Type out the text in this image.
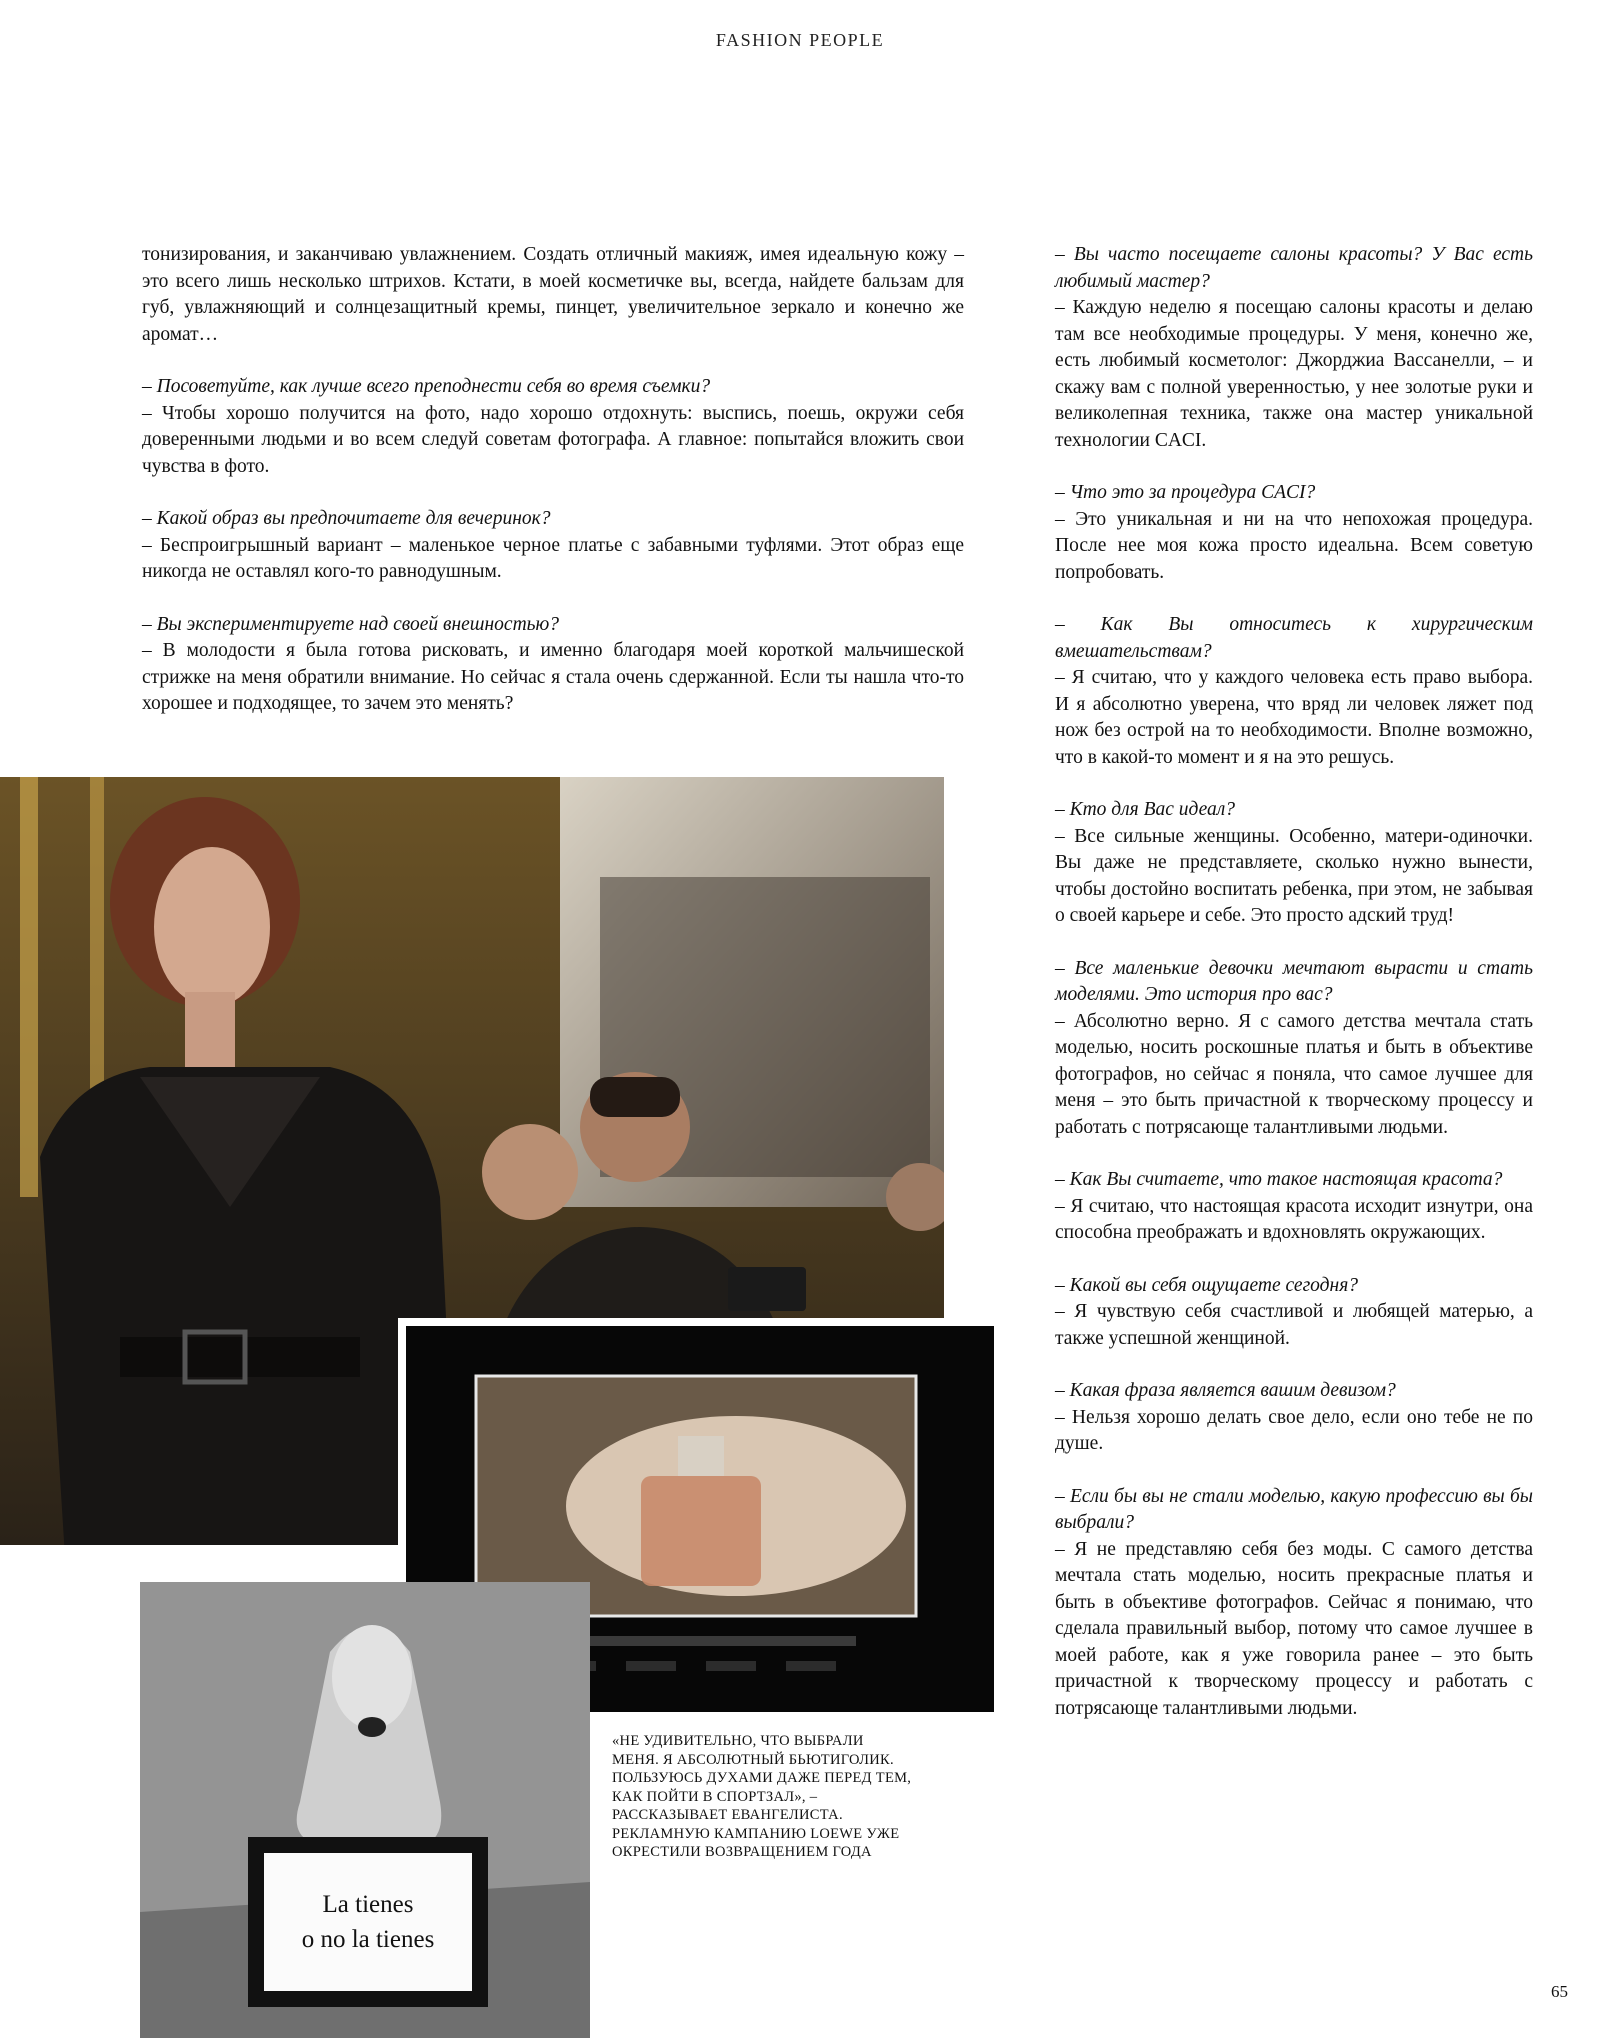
FASHION PEOPLE

тонизирования, и заканчиваю увлажнением. Создать отличный макияж, имея идеальную кожу – это всего лишь несколько штрихов. Кстати, в моей косметичке вы, всегда, найдете бальзам для губ, увлажняющий и солнцезащитный кремы, пинцет, увеличительное зеркало и конечно же аромат…

– Посоветуйте, как лучше всего преподнести себя во время съемки?
– Чтобы хорошо получится на фото, надо хорошо отдохнуть: выспись, поешь, окружи себя доверенными людьми и во всем следуй советам фотографа. А главное: попытайся вложить свои чувства в фото.

– Какой образ вы предпочитаете для вечеринок?
– Беспроигрышный вариант – маленькое черное платье с забавными туфлями. Этот образ еще никогда не оставлял кого-то равнодушным.

– Вы экспериментируете над своей внешностью?
– В молодости я была готова рисковать, и именно благодаря моей короткой мальчишеской стрижке на меня обратили внимание. Но сейчас я стала очень сдержанной. Если ты нашла что-то хорошее и подходящее, то зачем это менять?

– Вы часто посещаете салоны красоты? У Вас есть любимый мастер?
– Каждую неделю я посещаю салоны красоты и делаю там все необходимые процедуры. У меня, конечно же, есть любимый косметолог: Джорджиа Вассанелли, – и скажу вам с полной уверенностью, у нее золотые руки и великолепная техника, также она мастер уникальной технологии CACI.

– Что это за процедура CACI?
– Это уникальная и ни на что непохожая процедура. После нее моя кожа просто идеальна. Всем советую попробовать.

– Как Вы относитесь к хирургическим вмешательствам?
– Я считаю, что у каждого человека есть право выбора. И я абсолютно уверена, что вряд ли человек ляжет под нож без острой на то необходимости. Вполне возможно, что в какой-то момент и я на это решусь.

– Кто для Вас идеал?
– Все сильные женщины. Особенно, матери-одиночки. Вы даже не представляете, сколько нужно вынести, чтобы достойно воспитать ребенка, при этом, не забывая о своей карьере и себе. Это просто адский труд!

– Все маленькие девочки мечтают вырасти и стать моделями. Это история про вас?
– Абсолютно верно. Я с самого детства мечтала стать моделью, носить роскошные платья и быть в объективе фотографов, но сейчас я поняла, что самое лучшее для меня – это быть причастной к творческому процессу и работать с потрясающе талантливыми людьми.

– Как Вы считаете, что такое настоящая красота?
– Я считаю, что настоящая красота исходит изнутри, она способна преображать и вдохновлять окружающих.

– Какой вы себя ощущаете сегодня?
– Я чувствую себя счастливой и любящей матерью, а также успешной женщиной.

– Какая фраза является вашим девизом?
– Нельзя хорошо делать свое дело, если оно тебе не по душе.

– Если бы вы не стали моделью, какую профессию вы бы выбрали?
– Я не представляю себя без моды. С самого детства мечтала стать моделью, носить прекрасные платья и быть в объективе фотографов. Сейчас я понимаю, что сделала правильный выбор, потому что самое лучшее в моей работе, как я уже говорила ранее – это быть причастной к творческому процессу и работать с потрясающе талантливыми людьми.

La tienes
o no la tienes
«НЕ УДИВИТЕЛЬНО, ЧТО ВЫБРАЛИ МЕНЯ. Я АБСОЛЮТНЫЙ БЬЮТИГОЛИК. ПОЛЬЗУЮСЬ ДУХАМИ ДАЖЕ ПЕРЕД ТЕМ, КАК ПОЙТИ В СПОРТЗАЛ», – РАССКАЗЫВАЕТ ЕВАНГЕЛИСТА. РЕКЛАМНУЮ КАМПАНИЮ LOEWE УЖЕ ОКРЕСТИЛИ ВОЗВРАЩЕНИЕМ ГОДА
65
